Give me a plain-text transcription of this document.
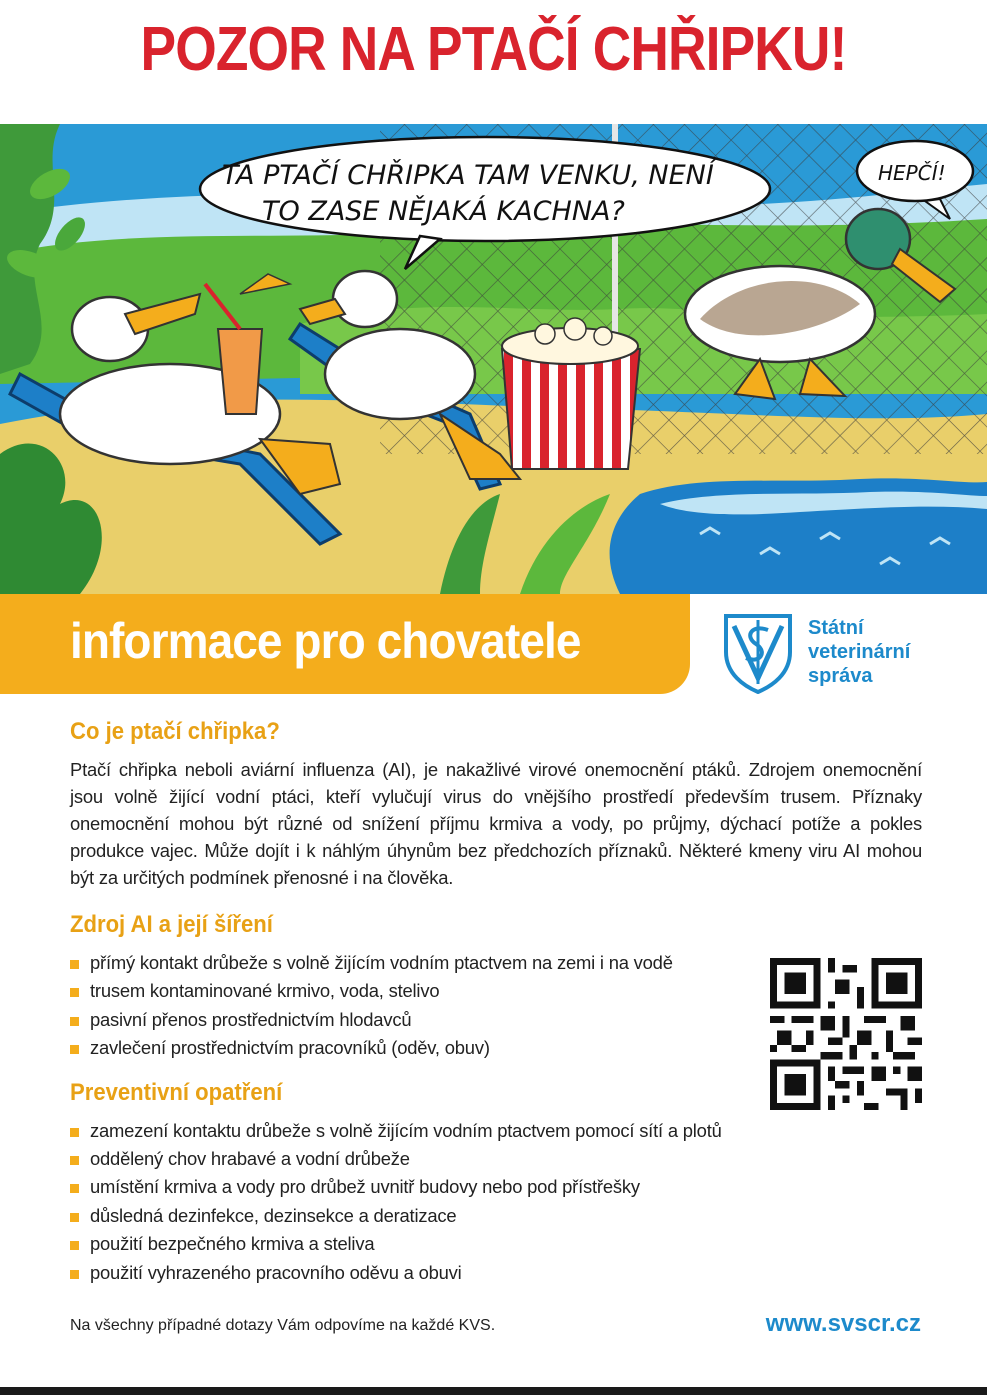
POZOR NA PTAČÍ CHŘIPKU!
TA PTAČÍ CHŘIPKA TAM VENKU, NENÍ
TO ZASE NĚJAKÁ KACHNA?
HEPČÍ!
informace pro chovatele	Státní
veterinární
správa
Co je ptačí chřipka?

Ptačí chřipka neboli aviární influenza (AI), je nakažlivé virové onemocnění ptáků. Zdrojem onemocnění jsou volně žijící vodní ptáci, kteří vylučují virus do vnějšího prostředí především trusem. Příznaky onemocnění mohou být různé od snížení příjmu krmiva a vody, po průjmy, dýchací potíže a pokles produkce vajec. Může dojít i k náhlým úhynům bez předchozích příznaků. Některé kmeny viru AI mohou být za určitých podmínek přenosné i na člověka.

Zdroj AI a její šíření
přímý kontakt drůbeže s volně žijícím vodním ptactvem na zemi i na vodě
trusem kontaminované krmivo, voda, stelivo
pasivní přenos prostřednictvím hlodavců
zavlečení prostřednictvím pracovníků (oděv, obuv)
Preventivní opatření
zamezení kontaktu drůbeže s volně žijícím vodním ptactvem pomocí sítí a plotů
oddělený chov hrabavé a vodní drůbeže
umístění krmiva a vody pro drůbež uvnitř budovy nebo pod přístřešky
důsledná dezinfekce, dezinsekce a deratizace
použití bezpečného krmiva a steliva
použití vyhrazeného pracovního oděvu a obuvi
Na všechny případné dotazy Vám odpovíme na každé KVS.	www.svscr.cz
